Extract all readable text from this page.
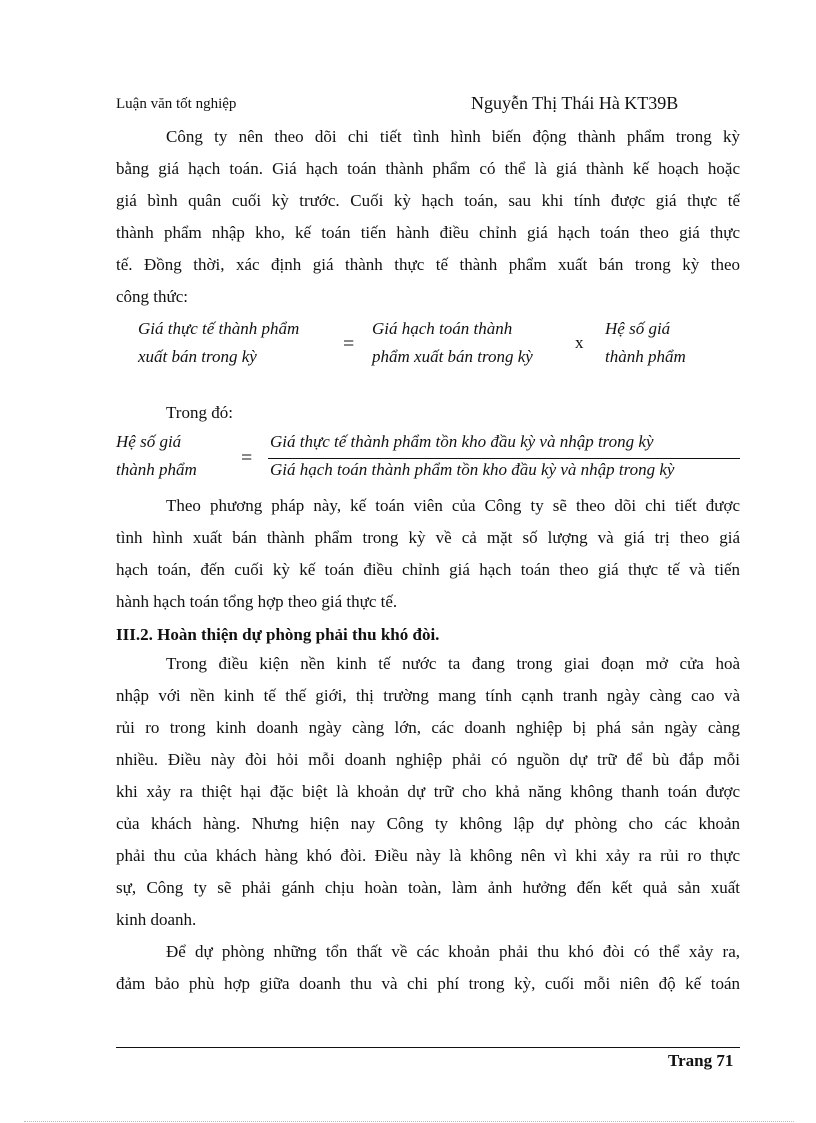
Luận văn tốt nghiệp	Nguyễn Thị Thái Hà KT39B
Công ty nên theo dõi chi tiết tình hình biến động thành phẩm trong kỳ
bằng giá hạch toán. Giá hạch toán thành phẩm có thể là giá thành kế hoạch hoặc
giá bình quân cuối kỳ trước. Cuối kỳ hạch toán, sau khi tính được giá thực tế
thành phẩm nhập kho, kế toán tiến hành điều chỉnh giá hạch toán theo giá thực
tế. Đồng thời, xác định giá thành thực tế thành phẩm xuất bán trong kỳ theo
công thức:
Giá thực tế thành phẩm
xuất bán trong kỳ
=
Giá hạch toán thành
phẩm xuất bán trong kỳ
x
Hệ số giá
thành phẩm
Trong đó:
Hệ số giá
thành phẩm
=
Giá thực tế thành phẩm tồn kho đầu kỳ và nhập trong kỳ
Giá hạch toán thành phẩm tồn kho đầu kỳ và nhập trong kỳ
Theo phương pháp này, kế toán viên của Công ty sẽ theo dõi chi tiết được
tình hình xuất bán thành phẩm trong kỳ về cả mặt số lượng và giá trị theo giá
hạch toán, đến cuối kỳ kế toán điều chỉnh giá hạch toán theo giá thực tế và tiến
hành hạch toán tổng hợp theo giá thực tế.
III.2. Hoàn thiện dự phòng phải thu khó đòi.
Trong điều kiện nền kinh tế nước ta đang trong giai đoạn mở cửa hoà
nhập với nền kinh tế thế giới, thị trường mang tính cạnh tranh ngày càng cao và
rủi ro trong kinh doanh ngày càng lớn, các doanh nghiệp bị phá sản ngày càng
nhiều. Điều này đòi hỏi mỗi doanh nghiệp phải có nguồn dự trữ để bù đắp mỗi
khi xảy ra thiệt hại đặc biệt là khoản dự trữ cho khả năng không thanh toán được
của khách hàng. Nhưng hiện nay Công ty không lập dự phòng cho các khoản
phải thu của khách hàng khó đòi. Điều này là không nên vì khi xảy ra rủi ro thực
sự, Công ty sẽ phải gánh chịu hoàn toàn, làm ảnh hưởng đến kết quả sản xuất
kinh doanh.
Để dự phòng những tổn thất về các khoản phải thu khó đòi có thể xảy ra,
đảm bảo phù hợp giữa doanh thu và chi phí trong kỳ, cuối mỗi niên độ kế toán
Trang 71
